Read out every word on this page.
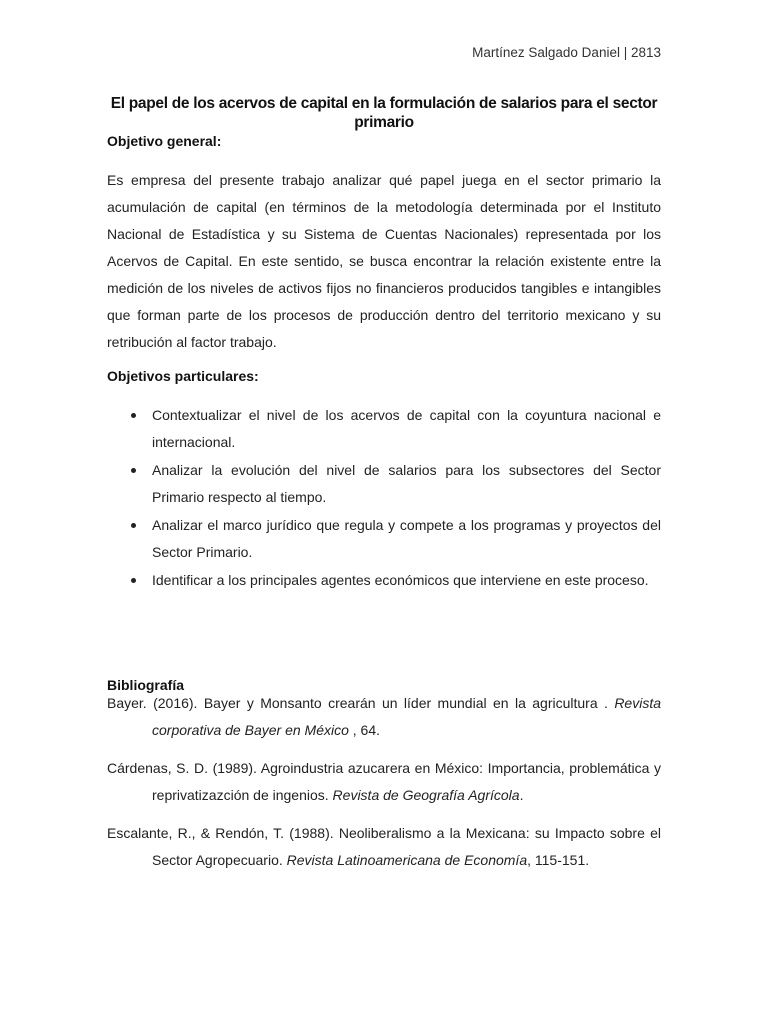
Martínez Salgado Daniel | 2813
El papel de los acervos de capital en la formulación de salarios para el sector primario
Objetivo general:
Es empresa del presente trabajo analizar qué papel juega en el sector primario la acumulación de capital (en términos de la metodología determinada por el Instituto Nacional de Estadística y su Sistema de Cuentas Nacionales) representada por los Acervos de Capital. En este sentido, se busca encontrar la relación existente entre la medición de los niveles de activos fijos no financieros producidos tangibles e intangibles que forman parte de los procesos de producción dentro del territorio mexicano y su retribución al factor trabajo.
Objetivos particulares:
Contextualizar el nivel de los acervos de capital con la coyuntura nacional e internacional.
Analizar la evolución del nivel de salarios para los subsectores del Sector Primario respecto al tiempo.
Analizar el marco jurídico que regula y compete a los programas y proyectos del Sector Primario.
Identificar a los principales agentes económicos que interviene en este proceso.
Bibliografía
Bayer. (2016). Bayer y Monsanto crearán un líder mundial en la agricultura . Revista corporativa de Bayer en México , 64.
Cárdenas, S. D. (1989). Agroindustria azucarera en México: Importancia, problemática y reprivatizazción de ingenios. Revista de Geografía Agrícola.
Escalante, R., & Rendón, T. (1988). Neoliberalismo a la Mexicana: su Impacto sobre el Sector Agropecuario. Revista Latinoamericana de Economía, 115-151.
